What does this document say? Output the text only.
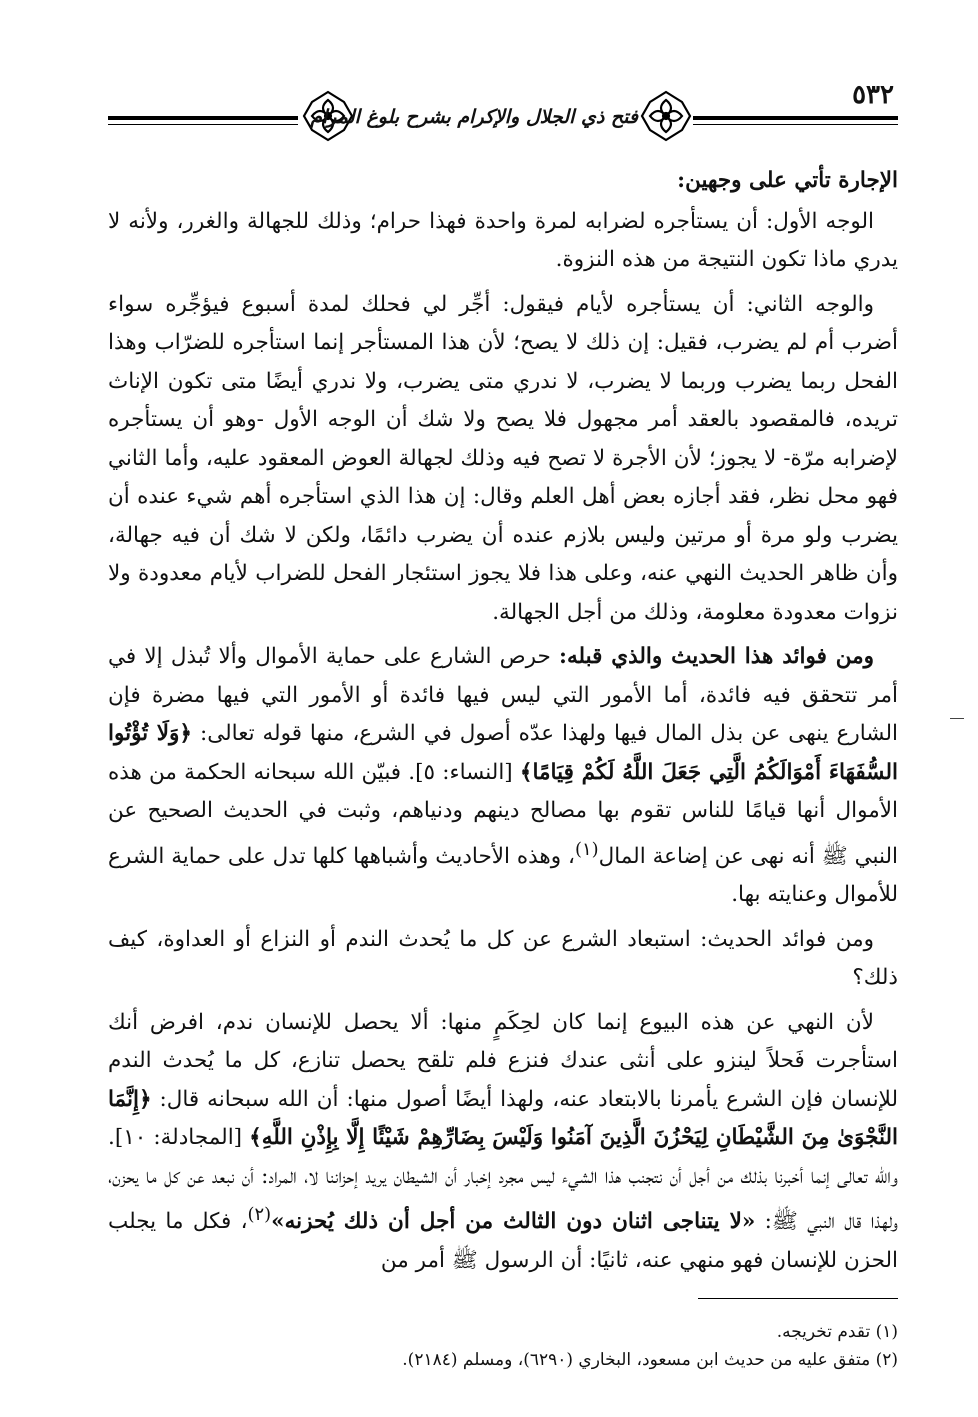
فتح ذي الجلال والإكرام بشرح بلوغ المرام
٥٣٢

الإجارة تأتي على وجهين:

الوجه الأول: أن يستأجره لضرابه لمرة واحدة فهذا حرام؛ وذلك للجهالة والغرر، ولأنه لا يدري ماذا تكون النتيجة من هذه النزوة.

والوجه الثاني: أن يستأجره لأيام فيقول: أجِّر لي فحلك لمدة أسبوع فيؤجِّره سواء أضرب أم لم يضرب، فقيل: إن ذلك لا يصح؛ لأن هذا المستأجر إنما استأجره للضرّاب وهذا الفحل ربما يضرب وربما لا يضرب، لا ندري متى يضرب، ولا ندري أيضًا متى تكون الإناث تريده، فالمقصود بالعقد أمر مجهول فلا يصح ولا شك أن الوجه الأول -وهو أن يستأجره لإضرابه مرّة- لا يجوز؛ لأن الأجرة لا تصح فيه وذلك لجهالة العوض المعقود عليه، وأما الثاني فهو محل نظر، فقد أجازه بعض أهل العلم وقال: إن هذا الذي استأجره أهم شيء عنده أن يضرب ولو مرة أو مرتين وليس بلازم عنده أن يضرب دائمًا، ولكن لا شك أن فيه جهالة، وأن ظاهر الحديث النهي عنه، وعلى هذا فلا يجوز استئجار الفحل للضراب لأيام معدودة ولا نزوات معدودة معلومة، وذلك من أجل الجهالة.

ومن فوائد هذا الحديث والذي قبله: حرص الشارع على حماية الأموال وألا تُبذل إلا في أمر تتحقق فيه فائدة، أما الأمور التي ليس فيها فائدة أو الأمور التي فيها مضرة فإن الشارع ينهى عن بذل المال فيها ولهذا عدّه أصول في الشرع، منها قوله تعالى: ﴿وَلَا تُؤْتُوا السُّفَهَاءَ أَمْوَالَكُمُ الَّتِي جَعَلَ اللَّهُ لَكُمْ قِيَامًا﴾ [النساء: ٥]. فبيّن الله سبحانه الحكمة من هذه الأموال أنها قيامًا للناس تقوم بها مصالح دينهم ودنياهم، وثبت في الحديث الصحيح عن النبي ﷺ أنه نهى عن إضاعة المال$^{(١)}$، وهذه الأحاديث وأشباهها كلها تدل على حماية الشرع للأموال وعنايته بها.

ومن فوائد الحديث: استبعاد الشرع عن كل ما يُحدث الندم أو النزاع أو العداوة، كيف ذلك؟

لأن النهي عن هذه البيوع إنما كان لحِكَمٍ منها: ألا يحصل للإنسان ندم، افرض أنك استأجرت فَحلاً لينزو على أنثى عندك فنزع فلم تلقح يحصل تنازع، كل ما يُحدث الندم للإنسان فإن الشرع يأمرنا بالابتعاد عنه، ولهذا أيضًا أصول منها: أن الله سبحانه قال: ﴿إِنَّمَا النَّجْوَىٰ مِنَ الشَّيْطَانِ لِيَحْزُنَ الَّذِينَ آمَنُوا وَلَيْسَ بِضَارِّهِمْ شَيْئًا إِلَّا بِإِذْنِ اللَّهِ﴾ [المجادلة: ١٠]. والله تعالى إنما أخبرنا بذلك من أجل أن نتجنب هذا الشيء ليس مجرد إخبار أن الشيطان يريد إحزاننا لا، المراد: أن نبعد عن كل ما يحزن، ولهذا قال النبي ﷺ: «لا يتناجى اثنان دون الثالث من أجل أن ذلك يُحزنه»$^{(٢)}$، فكل ما يجلب الحزن للإنسان فهو منهي عنه، ثانيًا: أن الرسول ﷺ أمر من

(١) تقدم تخريجه.
(٢) متفق عليه من حديث ابن مسعود، البخاري (٦٢٩٠)، ومسلم (٢١٨٤).
